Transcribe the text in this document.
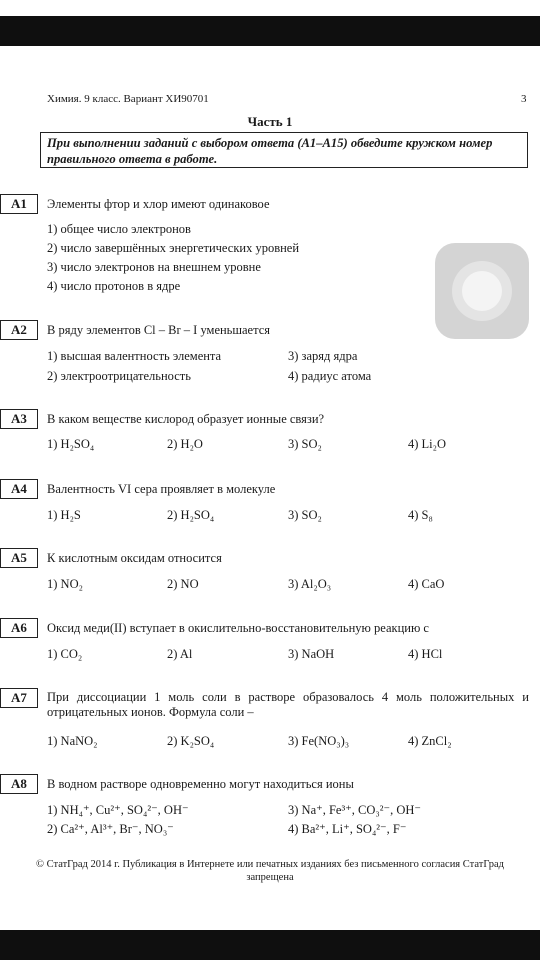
Химия. 9 класс. Вариант ХИ90701	3
Часть 1
При выполнении заданий с выбором ответа (А1–А15) обведите кружком номер правильного ответа в работе.
А1	Элементы фтор и хлор имеют одинаковое
1) общее число электронов
2) число завершённых энергетических уровней
3) число электронов на внешнем уровне
4) число протонов в ядре
А2	В ряду элементов Cl – Br – I уменьшается
1) высшая валентность элемента	3) заряд ядра
2) электроотрицательность	4) радиус атома
А3	В каком веществе кислород образует ионные связи?
1) H₂SO₄	2) H₂O	3) SO₂	4) Li₂O
А4	Валентность VI сера проявляет в молекуле
1) H₂S	2) H₂SO₄	3) SO₂	4) S₈
А5	К кислотным оксидам относится
1) NO₂	2) NO	3) Al₂O₃	4) CaO
А6	Оксид меди(II) вступает в окислительно-восстановительную реакцию с
1) CO₂	2) Al	3) NaOH	4) HCl
А7	При диссоциации 1 моль соли в растворе образовалось 4 моль положительных и отрицательных ионов. Формула соли –
1) NaNO₂	2) K₂SO₄	3) Fe(NO₃)₃	4) ZnCl₂
А8	В водном растворе одновременно могут находиться ионы
1) NH₄⁺, Cu²⁺, SO₄²⁻, OH⁻	3) Na⁺, Fe³⁺, CO₃²⁻, OH⁻
2) Ca²⁺, Al³⁺, Br⁻, NO₃⁻	4) Ba²⁺, Li⁺, SO₄²⁻, F⁻
© СтатГрад 2014 г. Публикация в Интернете или печатных изданиях без письменного согласия СтатГрад запрещена
